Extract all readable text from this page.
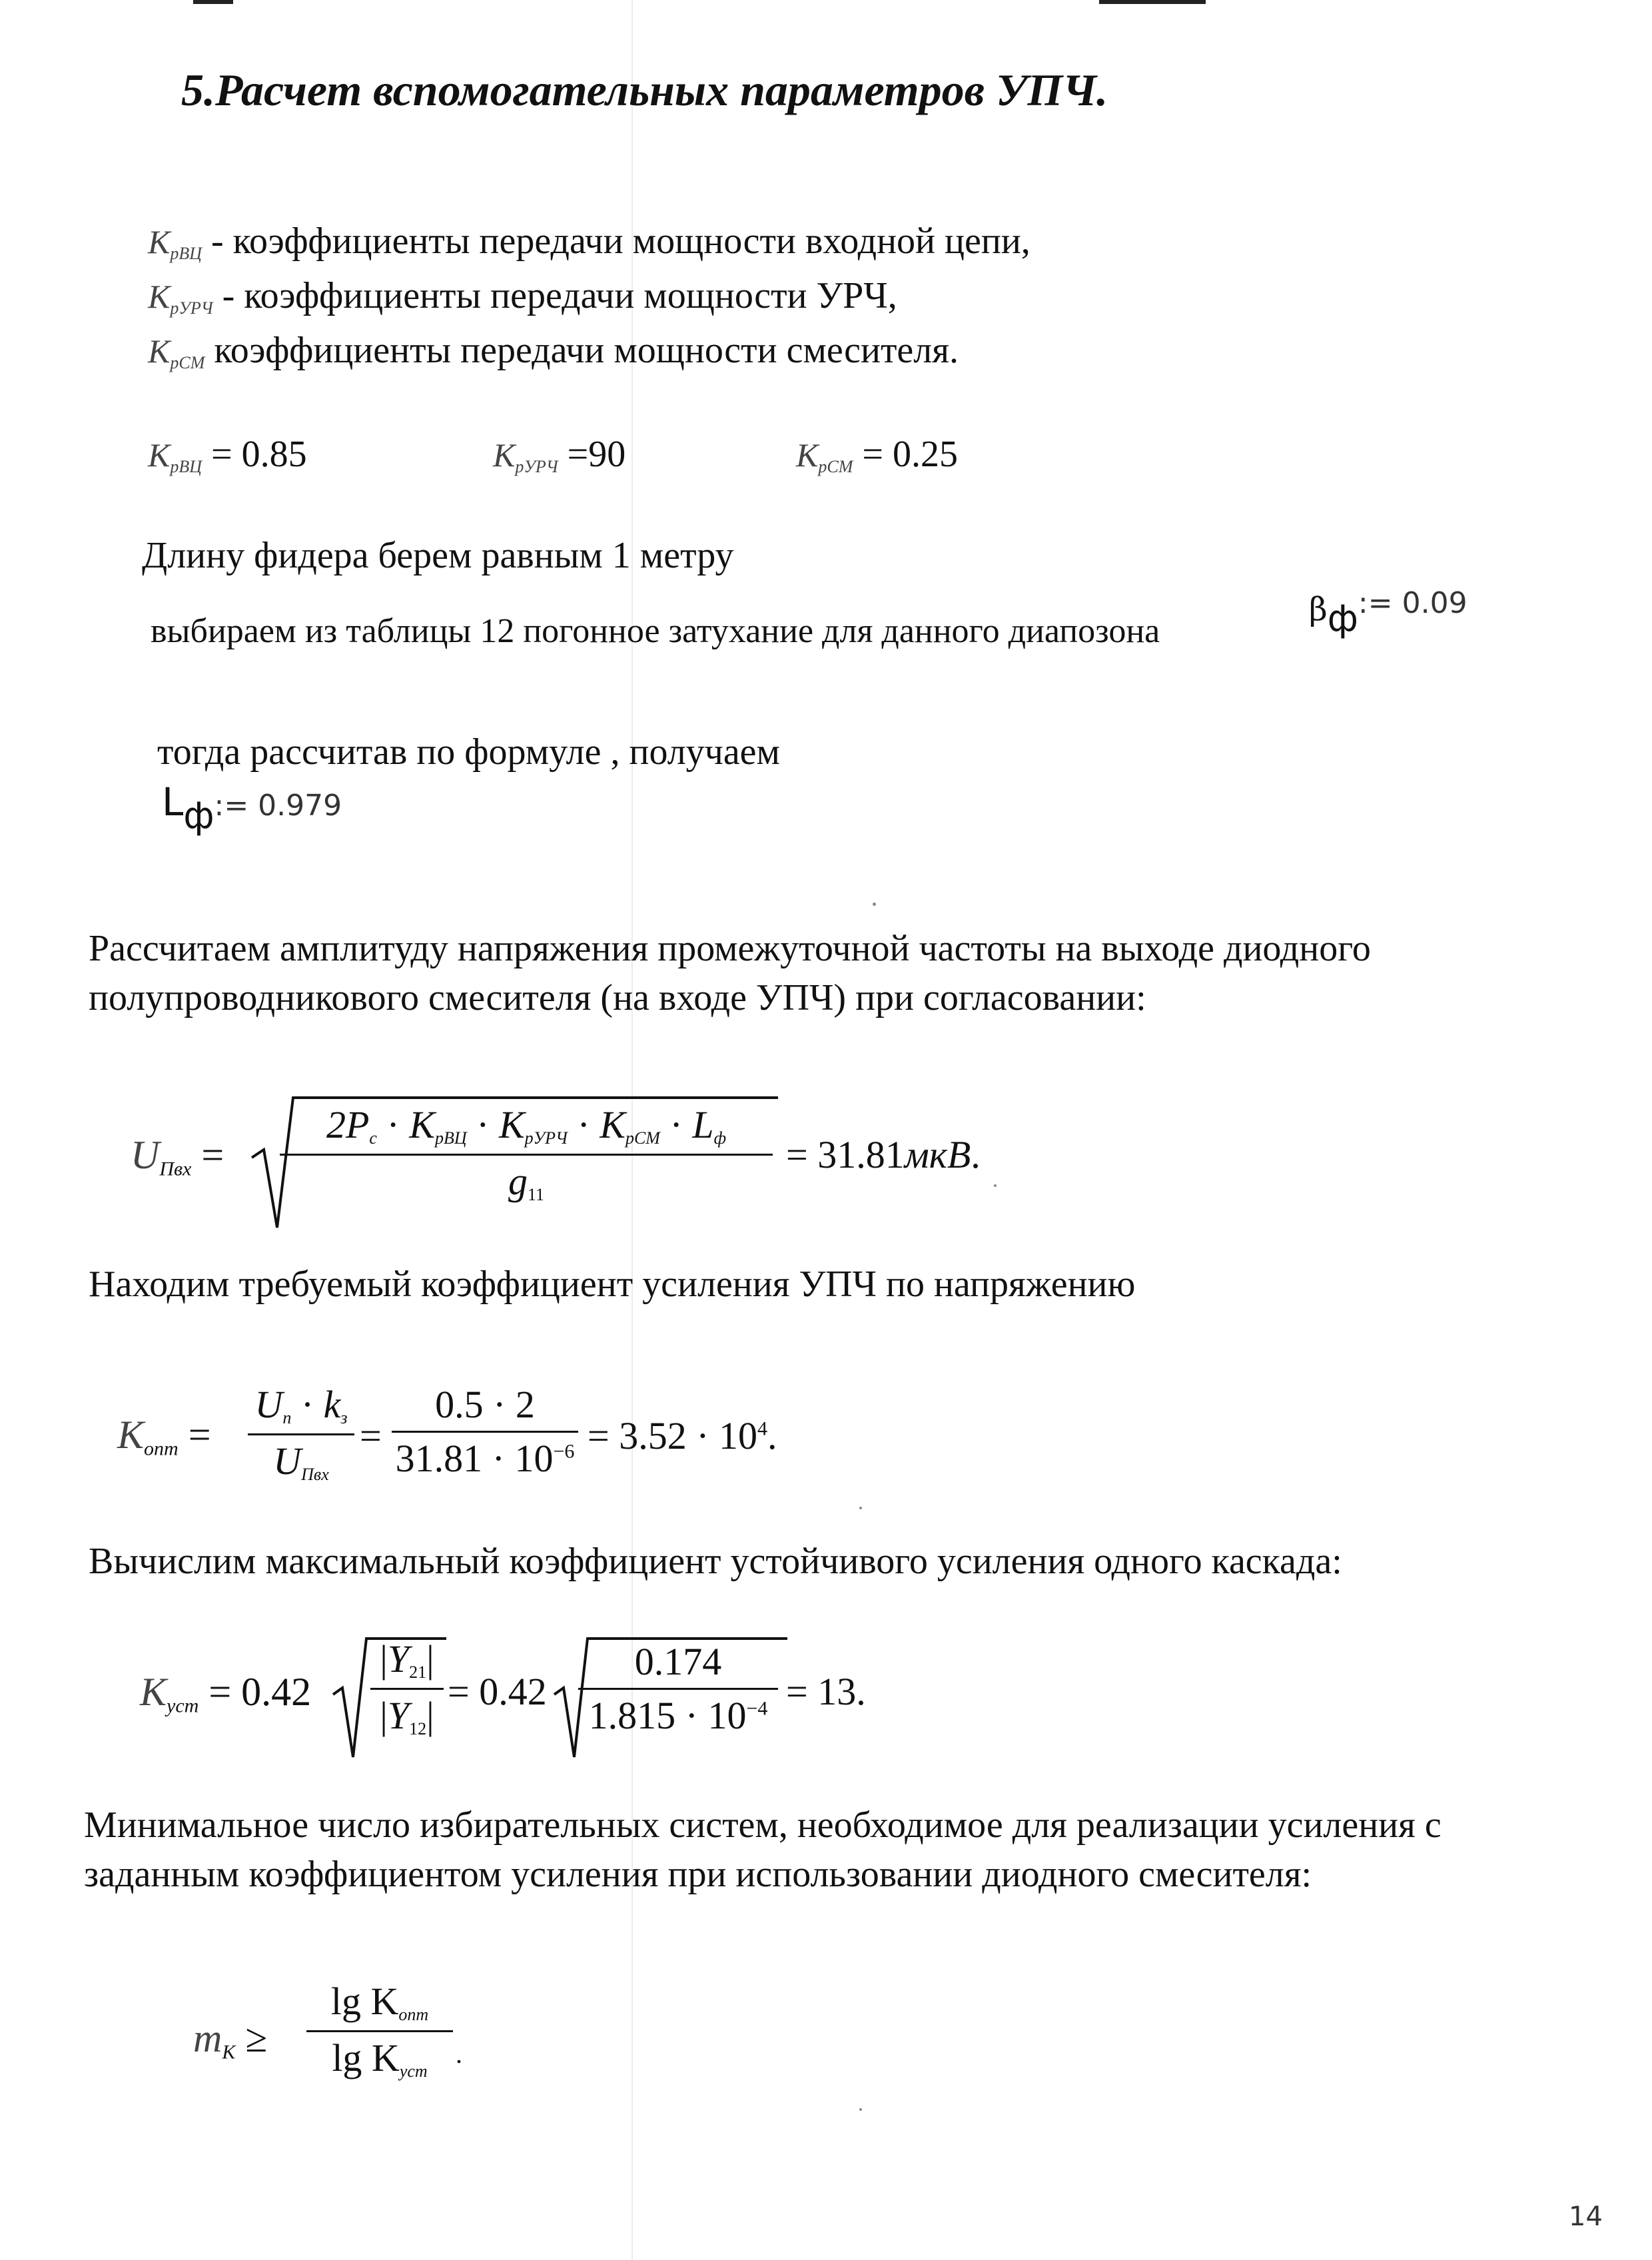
5.Расчет вспомогательных параметров УПЧ.
$K_{рВЦ}$ - коэффициенты передачи мощности входной цепи,
$K_{рУРЧ}$ - коэффициенты передачи мощности УРЧ,
$K_{рСМ}$ коэффициенты передачи мощности смесителя.
$K_{рВЦ} = 0.85$	$K_{рУРЧ} =90$	$K_{рСМ} = 0.25$
Длину фидера берем равным 1 метру
выбираем из таблицы 12 погонное затухание для данного диапозона
βф:= 0.09
тогда рассчитав по формуле , получаем
Lф:= 0.979
Рассчитаем амплитуду напряжения промежуточной частоты на выходе диодного
полупроводникового смесителя (на входе УПЧ) при согласовании:
$U_{Пвх}$ =
$2P_c \cdot K_{рВЦ} \cdot K_{рУРЧ} \cdot K_{рСМ} \cdot L_ф$
$g_{11}$
= 31.81мкВ.
Находим требуемый коэффициент усиления УПЧ по напряжению
$K_{опт}$ =
$U_п \cdot k_з$
$U_{Пвх}$
=
0.5 · 2
$31.81 \cdot 10^{-6} = 3.52 \cdot 10^4$.
Вычислим максимальный коэффициент устойчивого усиления одного каскада:
$K_{уст} = 0.42$
$|Y_{21}|$
$|Y_{12}|$
= 0.42
0.174
$1.815 \cdot 10^{-4} = 13$.
Минимальное число избирательных систем, необходимое для реализации усиления с
заданным коэффициентом усиления при использовании диодного смесителя:
$m_K$ ≥
$\lg K_{опт}$
$\lg K_{уст}$
.
14
